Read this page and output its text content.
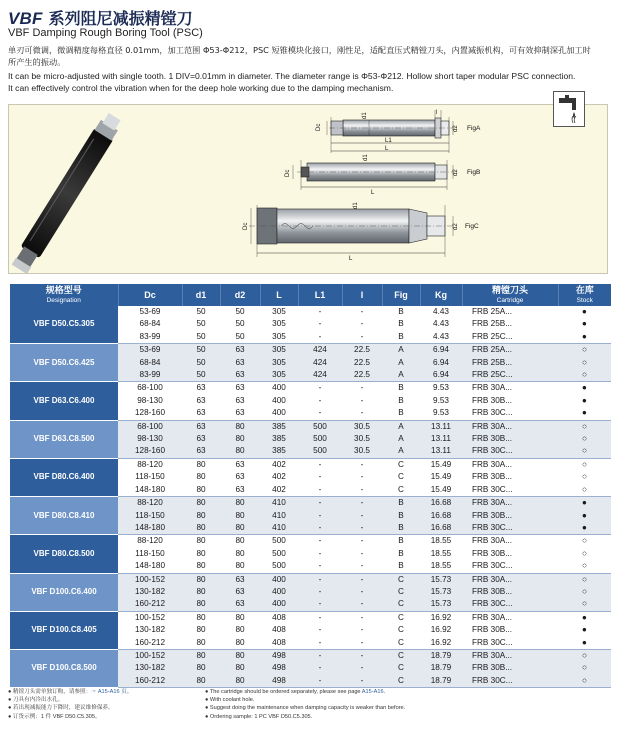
VBF 系列阻尼减振精镗刀
VBF Damping Rough Boring Tool (PSC)
单刃可微调，微调精度每格直径 0.01mm，加工范围 Φ53-Φ212，PSC 短锥模块化接口，刚性足，适配直压式精镗刀头，内置减振机构，可有效抑制深孔加工时
所产生的振动。
It can be micro-adjusted with single tooth. 1 DIV=0.01mm in diameter. The diameter range is Φ53-Φ212. Hollow short taper modular PSC connection.
It can effectively control the vibration when for the deep hole working due to the damping mechanism.
Dc
d1
d2
l
L1
L
FigA
Dc
d1
d2
L
FigB
Dc
d1
d2
L
FigC
规格型号
Designation	Dc	d1	d2	L	L1	l	Fig	Kg	精镗刀头
Cartridge	在库
Stock

VBF D50.C5.305	53-69	50	50	305	-	-	B	4.43	FRB 25A...	●
	68-84	50	50	305	-	-	B	4.43	FRB 25B...	●
	83-99	50	50	305	-	-	B	4.43	FRB 25C...	●
VBF D50.C6.425	53-69	50	63	305	424	22.5	A	6.94	FRB 25A...	○
	68-84	50	63	305	424	22.5	A	6.94	FRB 25B...	○
	83-99	50	63	305	424	22.5	A	6.94	FRB 25C...	○
VBF D63.C6.400	68-100	63	63	400	-	-	B	9.53	FRB 30A...	●
	98-130	63	63	400	-	-	B	9.53	FRB 30B...	●
	128-160	63	63	400	-	-	B	9.53	FRB 30C...	●
VBF D63.C8.500	68-100	63	80	385	500	30.5	A	13.11	FRB 30A...	○
	98-130	63	80	385	500	30.5	A	13.11	FRB 30B...	○
	128-160	63	80	385	500	30.5	A	13.11	FRB 30C...	○
VBF D80.C6.400	88-120	80	63	402	-	-	C	15.49	FRB 30A...	○
	118-150	80	63	402	-	-	C	15.49	FRB 30B...	○
	148-180	80	63	402	-	-	C	15.49	FRB 30C...	○
VBF D80.C8.410	88-120	80	80	410	-	-	B	16.68	FRB 30A...	●
	118-150	80	80	410	-	-	B	16.68	FRB 30B...	●
	148-180	80	80	410	-	-	B	16.68	FRB 30C...	●
VBF D80.C8.500	88-120	80	80	500	-	-	B	18.55	FRB 30A...	○
	118-150	80	80	500	-	-	B	18.55	FRB 30B...	○
	148-180	80	80	500	-	-	B	18.55	FRB 30C...	○
VBF D100.C6.400	100-152	80	63	400	-	-	C	15.73	FRB 30A...	○
	130-182	80	63	400	-	-	C	15.73	FRB 30B...	○
	160-212	80	63	400	-	-	C	15.73	FRB 30C...	○
VBF D100.C8.405	100-152	80	80	408	-	-	C	16.92	FRB 30A...	●
	130-182	80	80	408	-	-	C	16.92	FRB 30B...	●
	160-212	80	80	408	-	-	C	16.92	FRB 30C...	●
VBF D100.C8.500	100-152	80	80	498	-	-	C	18.79	FRB 30A...	○
	130-182	80	80	498	-	-	C	18.79	FRB 30B...	○
	160-212	80	80	498	-	-	C	18.79	FRB 30C...	○
● 精镗刀头需单独订购，请参照：☞ A15-A16 页。
● 刀具有内冷出水孔。
● 若出现减振能力下降时，建议维修保养。
● 订货示例：1 件 VBF D50.C5.305。
● The cartridge should be ordered separately, please see page A15-A16.
● With coolant hole.
● Suggest doing the maintenance when damping capacity is weaker than before.
● Ordering sample: 1 PC VBF D50.C5.305.
